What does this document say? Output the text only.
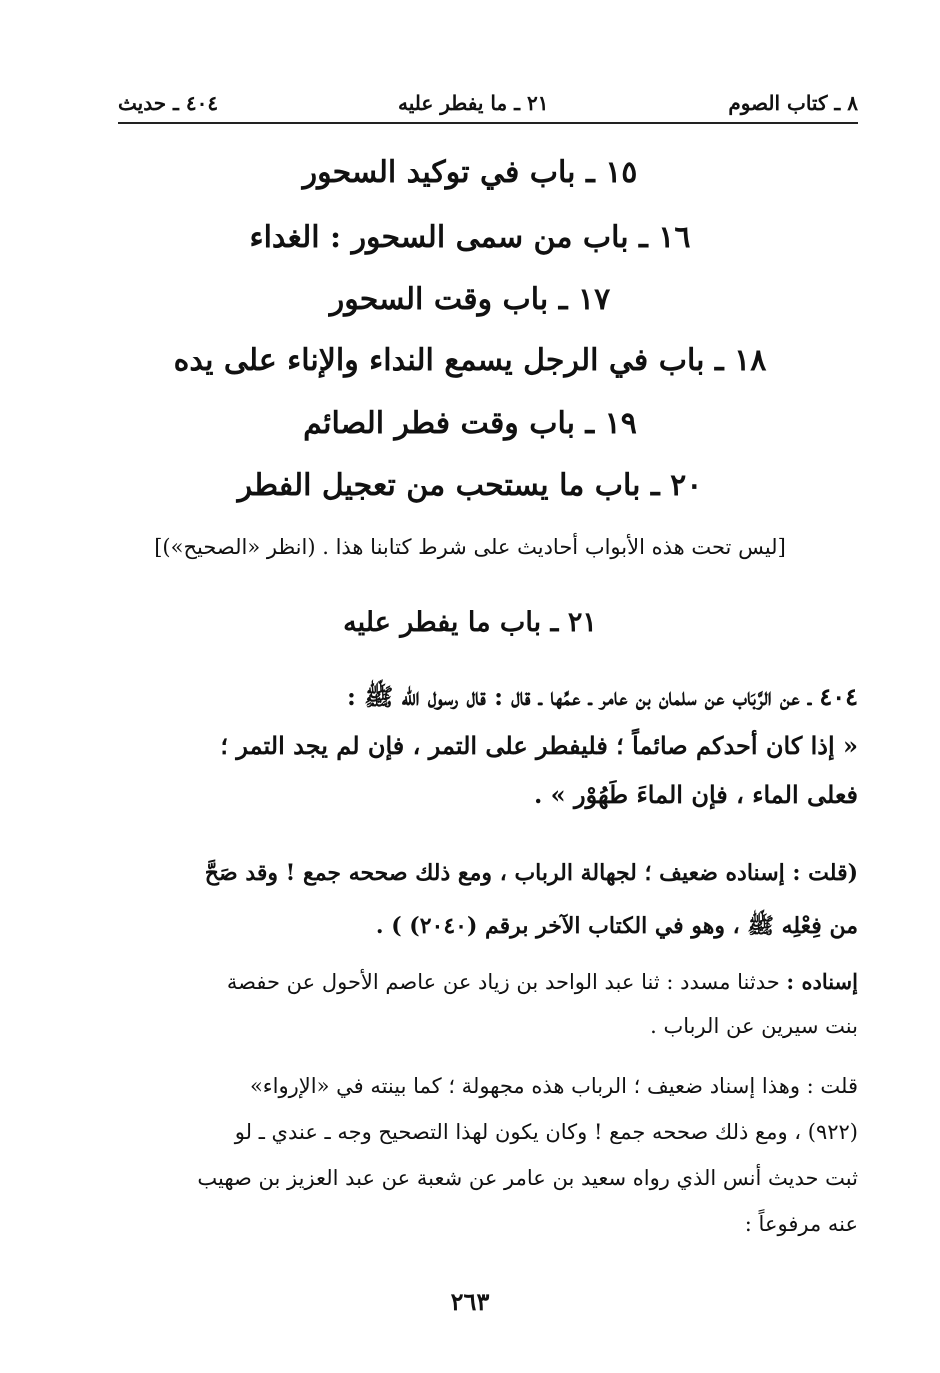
٨ ـ كتاب الصوم
٢١ ـ ما يفطر عليه
٤٠٤ ـ حديث
١٥ ـ باب في توكيد السحور
١٦ ـ باب من سمى السحور : الغداء
١٧ ـ باب وقت السحور
١٨ ـ باب في الرجل يسمع النداء والإناء على يده
١٩ ـ باب وقت فطر الصائم
٢٠ ـ باب ما يستحب من تعجيل الفطر
[ليس تحت هذه الأبواب أحاديث على شرط كتابنا هذا . (انظر «الصحيح»)]
٢١ ـ باب ما يفطر عليه
٤٠٤ ـ عن الرَّبَاب عن سلمان بن عامر ـ عمِّها ـ قال : قال رسول الله ﷺ :
« إذا كان أحدكم صائماً ؛ فليفطر على التمر ، فإن لم يجد التمر ؛
فعلى الماء ، فإن الماءَ طَهُوْر » .
(قلت : إسناده ضعيف ؛ لجهالة الرباب ، ومع ذلك صححه جمع ! وقد صَحَّ
من فِعْلِه ﷺ ، وهو في الكتاب الآخر برقم (٢٠٤٠) ) .
إسناده : حدثنا مسدد : ثنا عبد الواحد بن زياد عن عاصم الأحول عن حفصة
بنت سيرين عن الرباب .
قلت : وهذا إسناد ضعيف ؛ الرباب هذه مجهولة ؛ كما بينته في «الإرواء»
(٩٢٢) ، ومع ذلك صححه جمع ! وكان يكون لهذا التصحيح وجه ـ عندي ـ لو
ثبت حديث أنس الذي رواه سعيد بن عامر عن شعبة عن عبد العزيز بن صهيب
عنه مرفوعاً :
٢٦٣
